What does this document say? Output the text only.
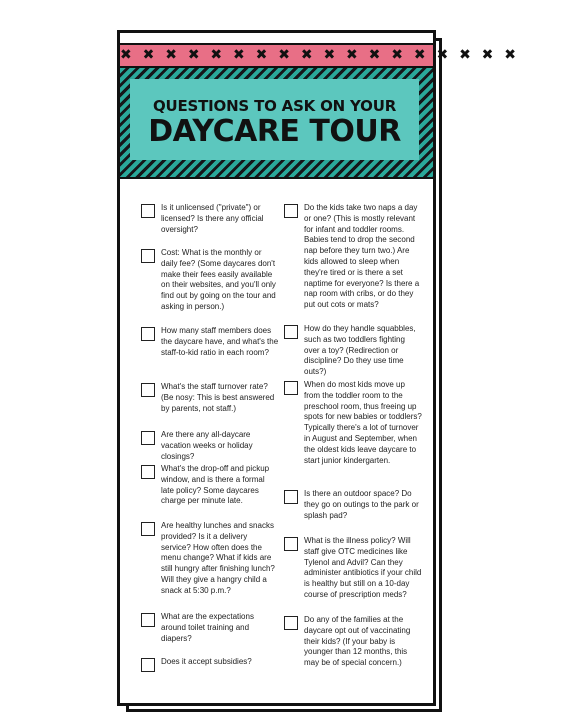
✖ ✖ ✖ ✖ ✖ ✖ ✖ ✖ ✖ ✖ ✖ ✖ ✖ ✖ ✖ ✖ ✖ ✖
QUESTIONS TO ASK ON YOUR
DAYCARE TOUR

Is it unlicensed ("private") or licensed? Is there any official oversight?

Cost: What is the monthly or daily fee? (Some daycares don't make their fees easily available on their websites, and you'll only find out by going on the tour and asking in person.)

How many staff members does the daycare have, and what's the staff-to-kid ratio in each room?

What's the staff turnover rate? (Be nosy: This is best answered by parents, not staff.)

Are there any all-daycare vacation weeks or holiday closings?

What's the drop-off and pickup window, and is there a formal late policy? Some daycares charge per minute late.

Are healthy lunches and snacks provided? Is it a delivery service? How often does the menu change? What if kids are still hungry after finishing lunch? Will they give a hangry child a snack at 5:30 p.m.?

What are the expectations around toilet training and diapers?

Does it accept subsidies?

Do the kids take two naps a day or one? (This is mostly relevant for infant and toddler rooms. Babies tend to drop the second nap before they turn two.) Are kids allowed to sleep when they're tired or is there a set naptime for everyone? Is there a nap room with cribs, or do they put out cots or mats?

How do they handle squabbles, such as two toddlers fighting over a toy? (Redirection or discipline? Do they use time outs?)

When do most kids move up from the toddler room to the preschool room, thus freeing up spots for new babies or toddlers? Typically there's a lot of turnover in August and September, when the oldest kids leave daycare to start junior kindergarten.

Is there an outdoor space? Do they go on outings to the park or splash pad?

What is the illness policy? Will staff give OTC medicines like Tylenol and Advil? Can they administer antibiotics if your child is healthy but still on a 10-day course of prescription meds?

Do any of the families at the daycare opt out of vaccinating their kids? (If your baby is younger than 12 months, this may be of special concern.)
